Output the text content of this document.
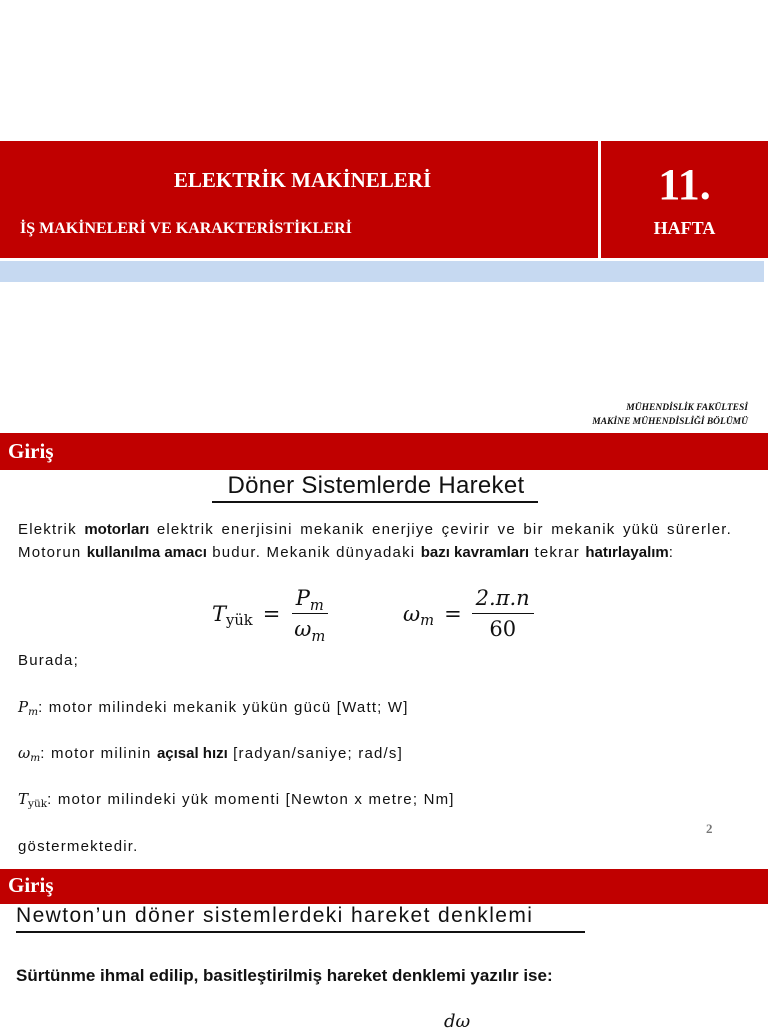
ELEKTRİK MAKİNELERİ
İŞ MAKİNELERİ VE KARAKTERİSTİKLERİ
11.
HAFTA
MÜHENDİSLİK FAKÜLTESİ
MAKİNE MÜHENDİSLİĞİ BÖLÜMÜ
Giriş
Döner Sistemlerde Hareket
Elektrik motorları elektrik enerjisini mekanik enerjiye çevirir ve bir mekanik yükü sürerler. Motorun kullanılma amacı budur. Mekanik dünyadaki bazı kavramları tekrar hatırlayalım:
$T_{yük} = \frac{P_m}{\omega_m}$	$\omega_m = \frac{2.\pi.n}{60}$
Burada;
$P_m$: motor milindeki mekanik yükün gücü [Watt; W]
$\omega_m$: motor milinin açısal hızı [radyan/saniye; rad/s]
$T_{yük}$: motor milindeki yük momenti [Newton x metre; Nm]
2
göstermektedir.
Giriş
Newton’un döner sistemlerdeki hareket denklemi
Sürtünme ihmal edilip, basitleştirilmiş hareket denklemi yazılır ise:
dω
